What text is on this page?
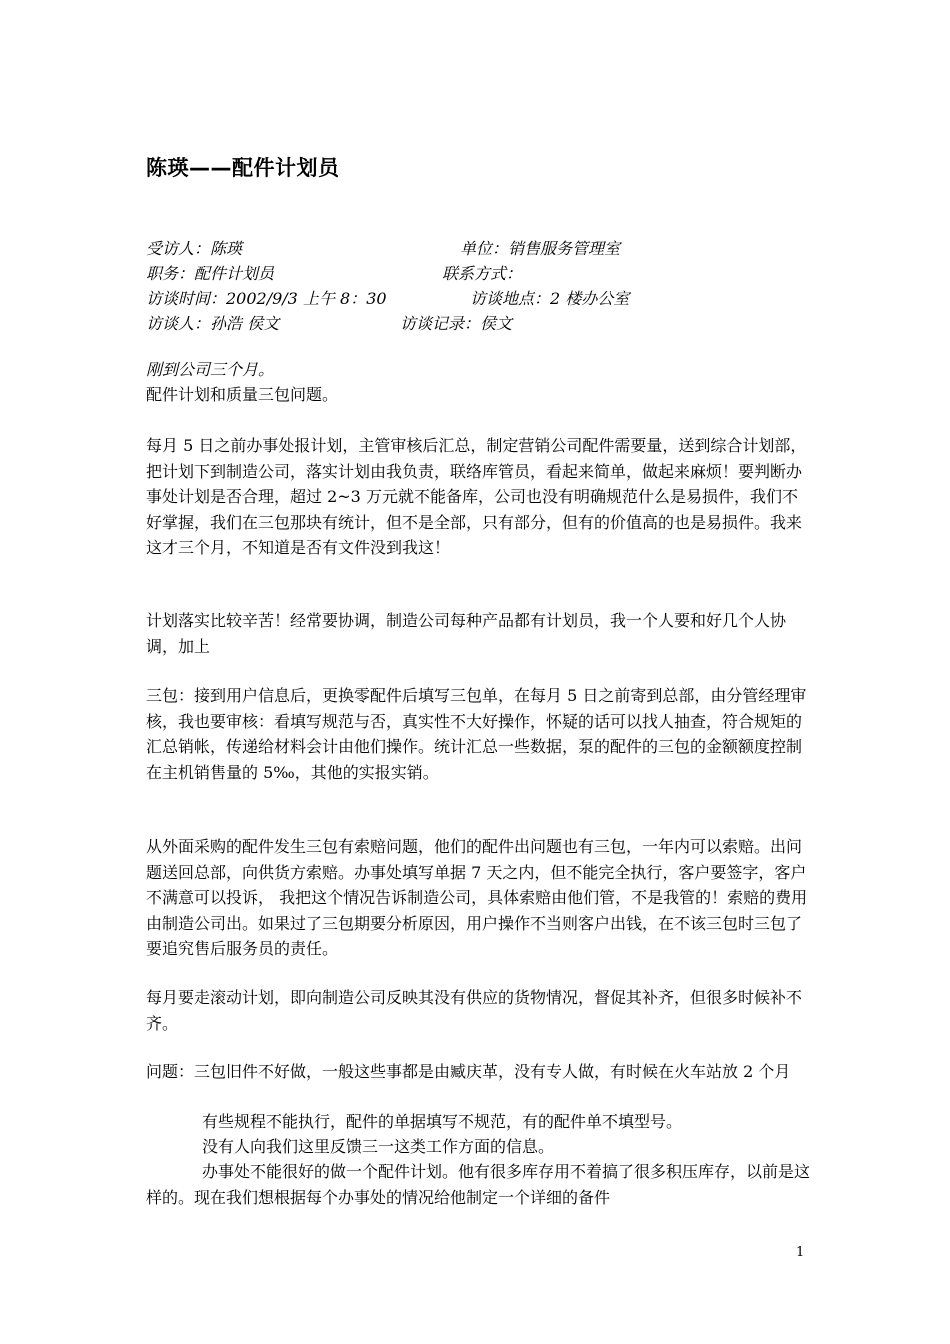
陈瑛——配件计划员
受访人：陈瑛	单位：销售服务管理室
职务：配件计划员	联系方式：
访谈时间：2002/9/3 上午 8：30	访谈地点：2 楼办公室
访谈人：孙浩 侯文	访谈记录：侯文

刚到公司三个月。

配件计划和质量三包问题。

每月 5 日之前办事处报计划，主管审核后汇总，制定营销公司配件需要量，送到综合计划部，把计划下到制造公司，落实计划由我负责，联络库管员，看起来简单，做起来麻烦！要判断办事处计划是否合理，超过 2~3 万元就不能备库，公司也没有明确规范什么是易损件，我们不好掌握，我们在三包那块有统计，但不是全部，只有部分，但有的价值高的也是易损件。我来这才三个月，不知道是否有文件没到我这！

计划落实比较辛苦！经常要协调，制造公司每种产品都有计划员，我一个人要和好几个人协调，加上

三包：接到用户信息后，更换零配件后填写三包单，在每月 5 日之前寄到总部，由分管经理审核，我也要审核：看填写规范与否，真实性不大好操作，怀疑的话可以找人抽查，符合规矩的汇总销帐，传递给材料会计由他们操作。统计汇总一些数据，泵的配件的三包的金额额度控制在主机销售量的 5‰，其他的实报实销。

从外面采购的配件发生三包有索赔问题，他们的配件出问题也有三包，一年内可以索赔。出问题送回总部，向供货方索赔。办事处填写单据 7 天之内，但不能完全执行，客户要签字，客户不满意可以投诉， 我把这个情况告诉制造公司，具体索赔由他们管，不是我管的！索赔的费用由制造公司出。如果过了三包期要分析原因，用户操作不当则客户出钱，在不该三包时三包了要追究售后服务员的责任。

每月要走滚动计划，即向制造公司反映其没有供应的货物情况，督促其补齐，但很多时候补不齐。

问题：三包旧件不好做，一般这些事都是由臧庆革，没有专人做，有时候在火车站放 2 个月

有些规程不能执行，配件的单据填写不规范，有的配件单不填型号。

没有人向我们这里反馈三一这类工作方面的信息。

办事处不能很好的做一个配件计划。他有很多库存用不着搞了很多积压库存，以前是这样的。现在我们想根据每个办事处的情况给他制定一个详细的备件

1
